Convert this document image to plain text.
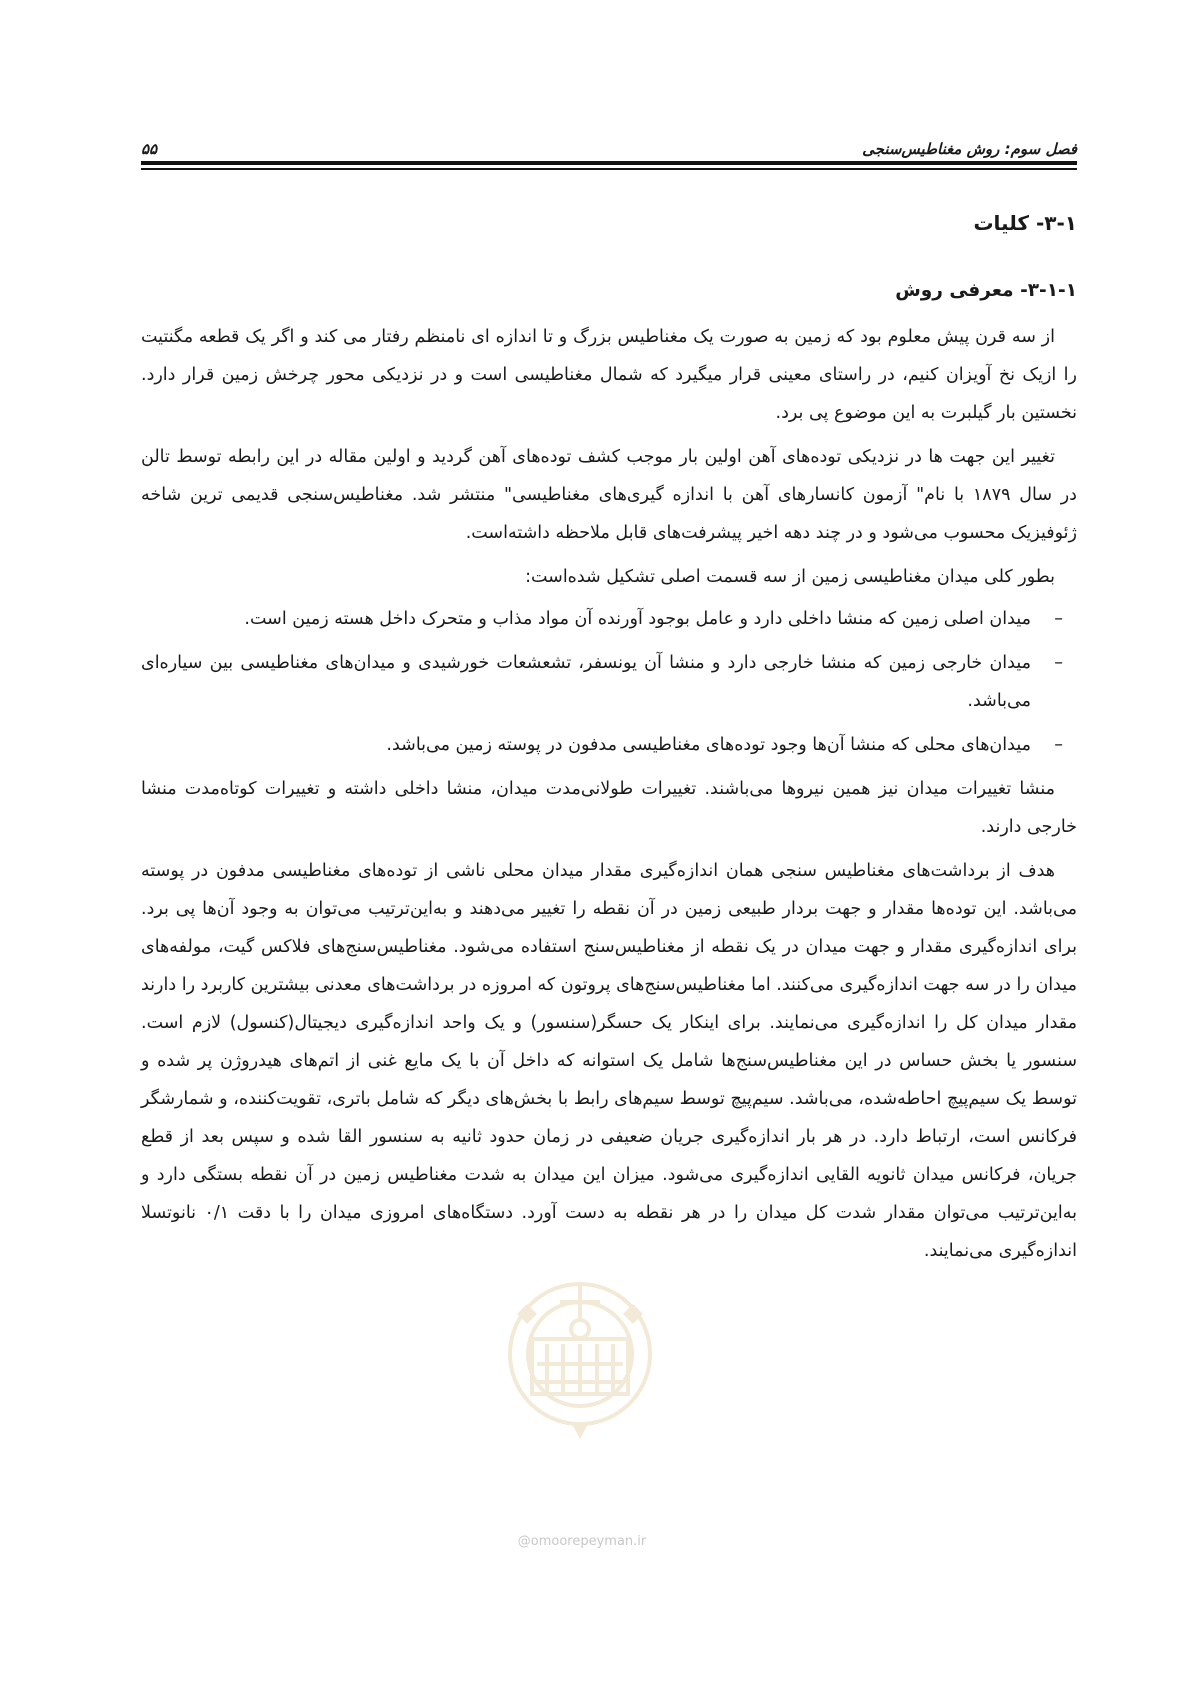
فصل سوم: روش مغناطیس‌سنجی
۵۵
۳-۱- کلیات
۳-۱-۱- معرفی روش

از سه قرن پیش معلوم بود که زمین به صورت یک مغناطیس بزرگ و تا اندازه ای نامنظم رفتار می کند و اگر یک قطعه مگنتیت را ازیک نخ آویزان کنیم، در راستای معینی قرار میگیرد که شمال مغناطیسی است و در نزدیکی محور چرخش زمین قرار دارد. نخستین بار گیلبرت به این موضوع پی برد.

تغییر این جهت ها در نزدیکی توده‌های آهن اولین بار موجب کشف توده‌های آهن گردید و اولین مقاله در این رابطه توسط تالن در سال ۱۸۷۹ با نام" آزمون کانسارهای آهن با اندازه گیری‌های مغناطیسی" منتشر شد. مغناطیس‌سنجی قدیمی ترین شاخه ژئوفیزیک محسوب می‌شود و در چند دهه اخیر پیشرفت‌های قابل ملاحظه داشته‌است.

بطور کلی میدان مغناطیسی زمین از سه قسمت اصلی تشکیل شده‌است:

–
میدان اصلی زمین که منشا داخلی دارد و عامل بوجود آورنده آن مواد مذاب و متحرک داخل هسته زمین است.
–
میدان خارجی زمین که منشا خارجی دارد و منشا آن یونسفر، تشعشعات خورشیدی و میدان‌های مغناطیسی بین سیاره‌ای می‌باشد.
–
میدان‌های محلی که منشا آن‌ها وجود توده‌های مغناطیسی مدفون در پوسته زمین می‌باشد.

منشا تغییرات میدان نیز همین نیروها می‌باشند. تغییرات طولانی‌مدت میدان، منشا داخلی داشته و تغییرات کوتاه‌مدت منشا خارجی دارند.

هدف از برداشت‌های مغناطیس سنجی همان اندازه‌گیری مقدار میدان محلی ناشی از توده‌های مغناطیسی مدفون در پوسته می‌باشد. این توده‌ها مقدار و جهت بردار طبیعی زمین در آن نقطه را تغییر می‌دهند و به‌این‌ترتیب می‌توان به وجود آن‌ها پی برد. برای اندازه‌گیری مقدار و جهت میدان در یک نقطه از مغناطیس‌سنج استفاده می‌شود. مغناطیس‌سنج‌های فلاکس گیت، مولفه‌های میدان را در سه جهت اندازه‌گیری می‌کنند. اما مغناطیس‌سنج‌های پروتون که امروزه در برداشت‌های معدنی بیشترین کاربرد را دارند مقدار میدان کل را اندازه‌گیری می‌نمایند. برای اینکار یک حسگر(سنسور) و یک واحد اندازه‌گیری دیجیتال(کنسول) لازم است. سنسور یا بخش حساس در این مغناطیس‌سنج‌ها شامل یک استوانه که داخل آن با یک مایع غنی از اتم‌های هیدروژن پر شده و توسط یک سیم‌پیچ احاطه‌شده، می‌باشد. سیم‌پیچ توسط سیم‌های رابط با بخش‌های دیگر که شامل باتری، تقویت‌کننده، و شمارشگر فرکانس است، ارتباط دارد. در هر بار اندازه‌گیری جریان ضعیفی در زمان حدود ثانیه به سنسور القا شده و سپس بعد از قطع جریان، فرکانس میدان ثانویه القایی اندازه‌گیری می‌شود. میزان این میدان به شدت مغناطیس زمین در آن نقطه بستگی دارد و به‌این‌ترتیب می‌توان مقدار شدت کل میدان را در هر نقطه به دست آورد. دستگاه‌های امروزی میدان را با دقت ۰/۱ نانوتسلا اندازه‌گیری می‌نمایند.

@omoorepeyman.ir
